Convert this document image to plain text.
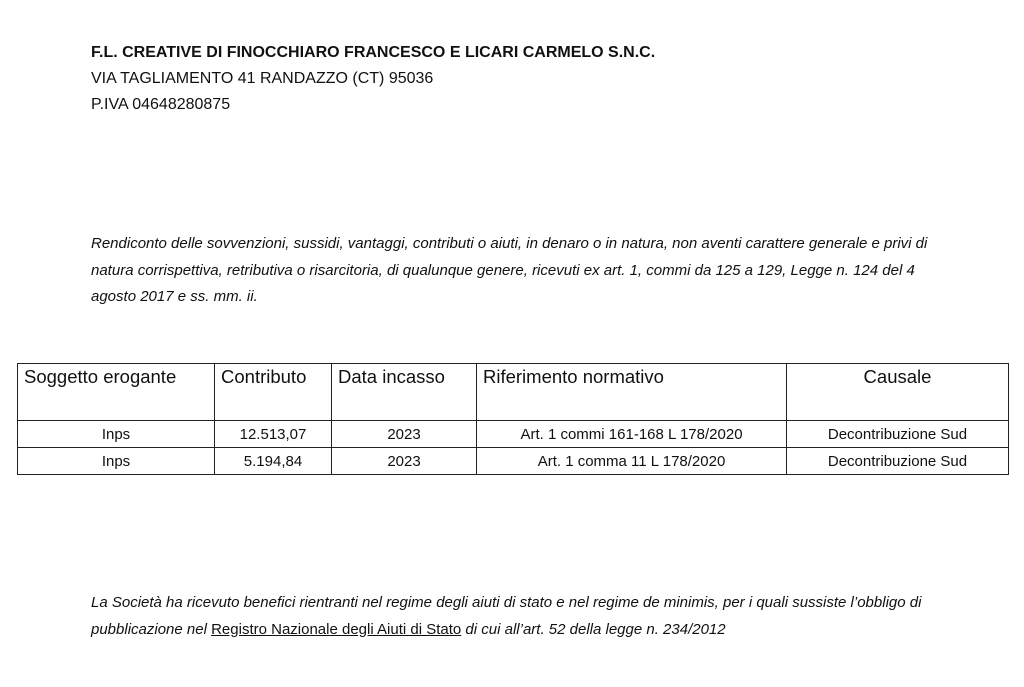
F.L. CREATIVE DI FINOCCHIARO FRANCESCO E LICARI CARMELO S.N.C.
VIA TAGLIAMENTO 41 RANDAZZO (CT) 95036
P.IVA 04648280875
Rendiconto delle sovvenzioni, sussidi, vantaggi, contributi o aiuti, in denaro o in natura, non aventi carattere generale e privi di natura corrispettiva, retributiva o risarcitoria, di qualunque genere, ricevuti ex art. 1, commi da 125 a 129, Legge n. 124 del 4 agosto 2017 e ss. mm. ii.
Soggetto erogante	Contributo	Data incasso	Riferimento normativo	Causale
Inps	12.513,07	2023	Art. 1 commi 161-168 L 178/2020	Decontribuzione Sud
Inps	5.194,84	2023	Art. 1 comma 11 L 178/2020	Decontribuzione Sud
La Società ha ricevuto benefici rientranti nel regime degli aiuti di stato e nel regime de minimis, per i quali sussiste l’obbligo di pubblicazione nel Registro Nazionale degli Aiuti di Stato di cui all’art. 52 della legge n. 234/2012
